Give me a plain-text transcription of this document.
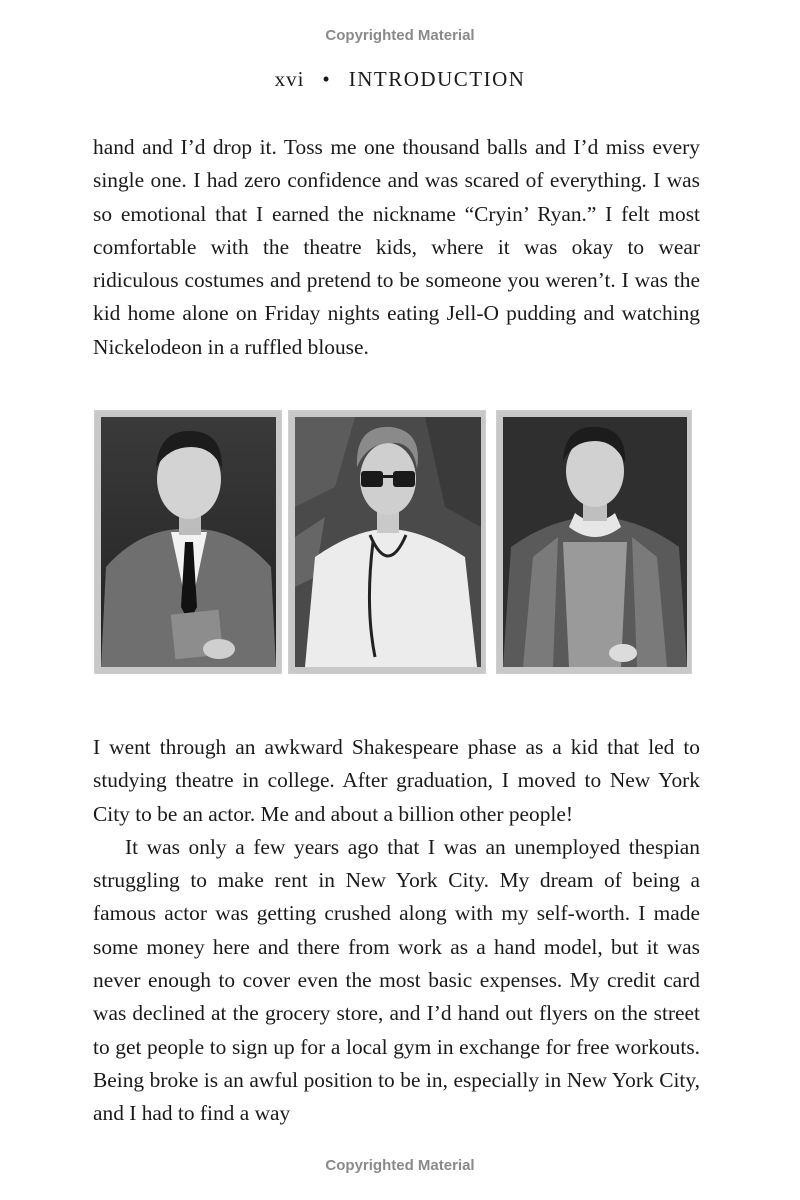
Copyrighted Material
xvi • INTRODUCTION

hand and I’d drop it. Toss me one thousand balls and I’d miss every single one. I had zero confidence and was scared of everything. I was so emotional that I earned the nickname “Cryin’ Ryan.” I felt most comfortable with the theatre kids, where it was okay to wear ridiculous costumes and pretend to be someone you weren’t. I was the kid home alone on Friday nights eating Jell-O pudding and watching Nickelodeon in a ruffled blouse.

I went through an awkward Shakespeare phase as a kid that led to studying theatre in college. After graduation, I moved to New York City to be an actor. Me and about a billion other people!

It was only a few years ago that I was an unemployed thespian struggling to make rent in New York City. My dream of being a famous actor was getting crushed along with my self-worth. I made some money here and there from work as a hand model, but it was never enough to cover even the most basic expenses. My credit card was declined at the grocery store, and I’d hand out flyers on the street to get people to sign up for a local gym in exchange for free workouts. Being broke is an awful position to be in, especially in New York City, and I had to find a way

Copyrighted Material
